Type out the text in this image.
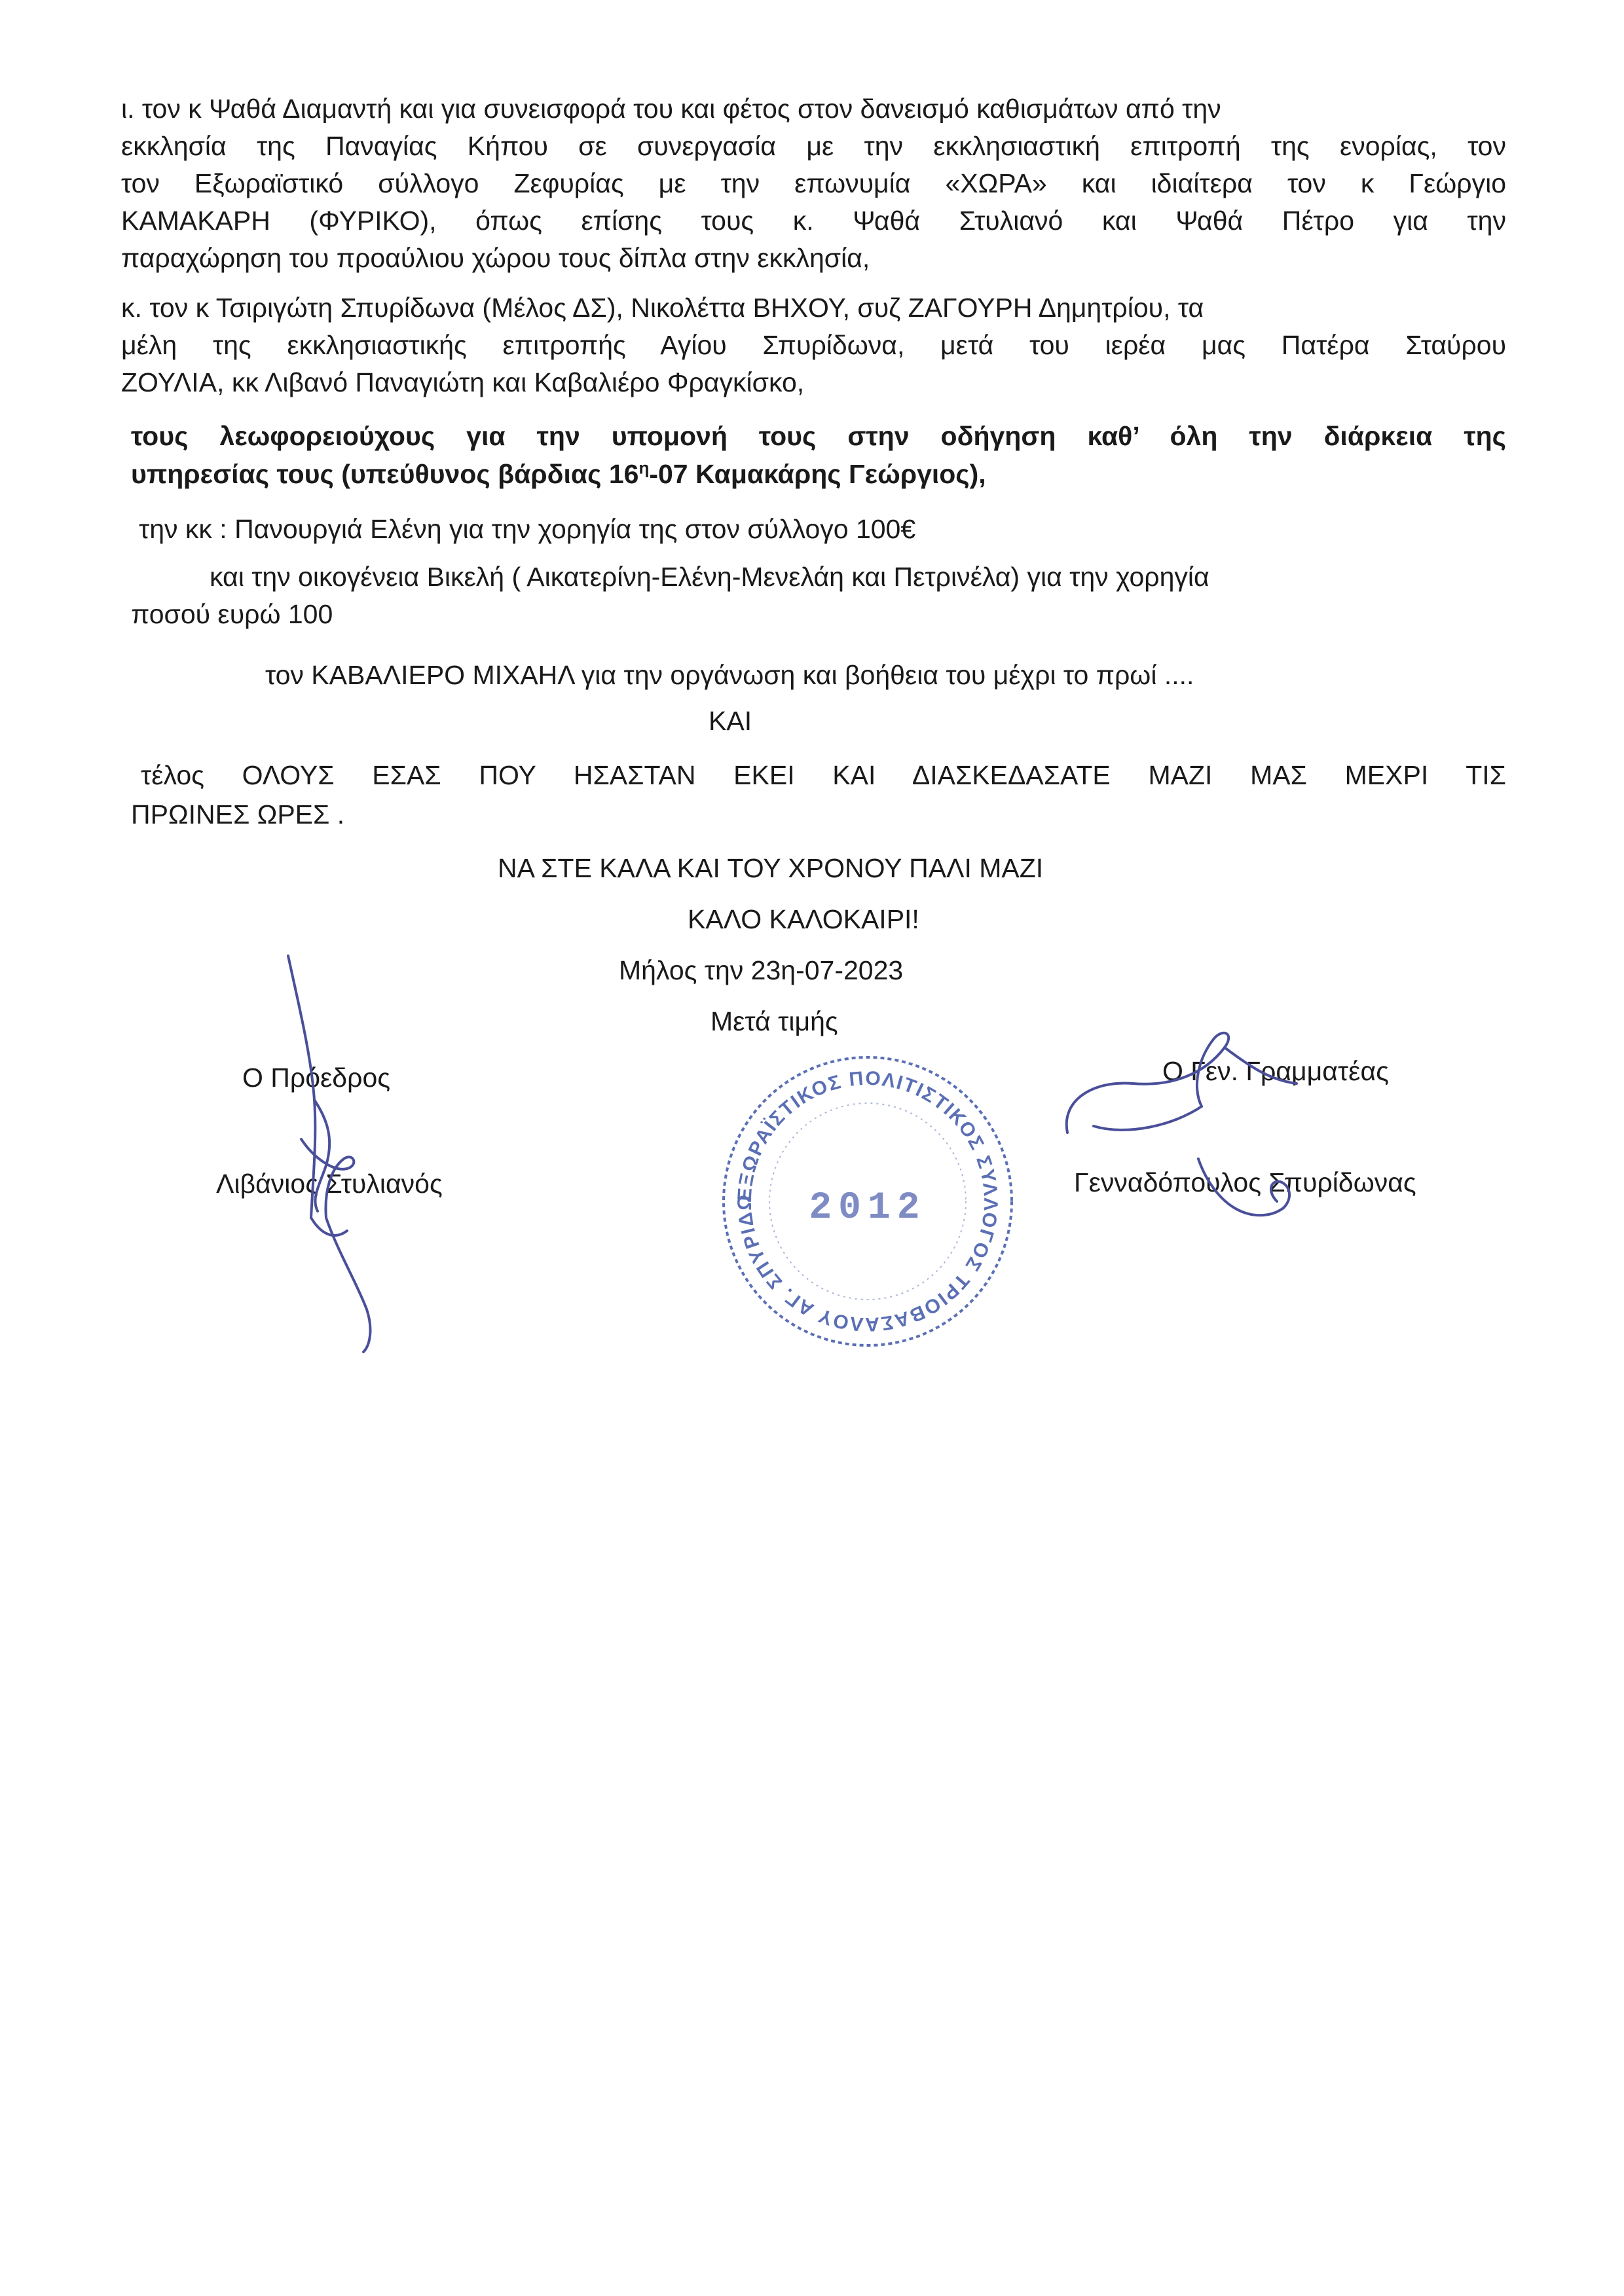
ι. τον κ Ψαθά Διαμαντή και για συνεισφορά του και φέτος στον δανεισμό καθισμάτων από την
εκκλησία της Παναγίας Κήπου σε συνεργασία με την εκκλησιαστική επιτροπή της ενορίας, τον
τον Εξωραϊστικό σύλλογο Ζεφυρίας με την επωνυμία «ΧΩΡΑ» και ιδιαίτερα τον κ Γεώργιο
ΚΑΜΑΚΑΡΗ (ΦΥΡΙΚΟ), όπως επίσης τους κ. Ψαθά Στυλιανό και Ψαθά Πέτρο για την
παραχώρηση του προαύλιου χώρου τους δίπλα στην εκκλησία,
κ. τον κ Τσιριγώτη Σπυρίδωνα (Μέλος ΔΣ), Νικολέττα ΒΗΧΟΥ, συζ ΖΑΓΟΥΡΗ Δημητρίου, τα
μέλη της εκκλησιαστικής επιτροπής Αγίου Σπυρίδωνα, μετά του ιερέα μας Πατέρα Σταύρου
ΖΟΥΛΙΑ, κκ Λιβανό Παναγιώτη και Καβαλιέρο Φραγκίσκο,
τους λεωφορειούχους για την υπομονή τους στην οδήγηση καθ’ όλη την διάρκεια της
υπηρεσίας τους (υπεύθυνος βάρδιας $16^\eta-07$ Καμακάρης Γεώργιος),
την κκ : Πανουργιά Ελένη για την χορηγία της στον σύλλογο 100€
και την οικογένεια Βικελή ( Αικατερίνη-Ελένη-Μενελάη και Πετρινέλα) για την χορηγία
ποσού ευρώ 100
τον ΚΑΒΑΛΙΕΡΟ ΜΙΧΑΗΛ για την οργάνωση και βοήθεια του μέχρι το πρωί ....
ΚΑΙ
τέλος ΟΛΟΥΣ ΕΣΑΣ ΠΟΥ ΗΣΑΣΤΑΝ ΕΚΕΙ ΚΑΙ ΔΙΑΣΚΕΔΑΣΑΤΕ ΜΑΖΙ ΜΑΣ ΜΕΧΡΙ ΤΙΣ
ΠΡΩΙΝΕΣ ΩΡΕΣ .
ΝΑ ΣΤΕ ΚΑΛΑ ΚΑΙ ΤΟΥ ΧΡΟΝΟΥ ΠΑΛΙ ΜΑΖΙ
ΚΑΛΟ ΚΑΛΟΚΑΙΡΙ!
Μήλος την 23η-07-2023
Μετά τιμής
Ο Πρόεδρος
Λιβάνιος Στυλιανός
Ο Γεν. Γραμματέας
Γενναδόπουλος Σπυρίδωνας
ΕΞΩΡΑΪΣΤΙΚΟΣ ΠΟΛΙΤΙΣΤΙΚΟΣ ΣΥΛΛΟΓΟΣ ΤΡΙΟΒΑΣΑΛΟΥ ΑΓ. ΣΠΥΡΙΔΩΝΑ ΜΗΛΟΥ ★
2012
